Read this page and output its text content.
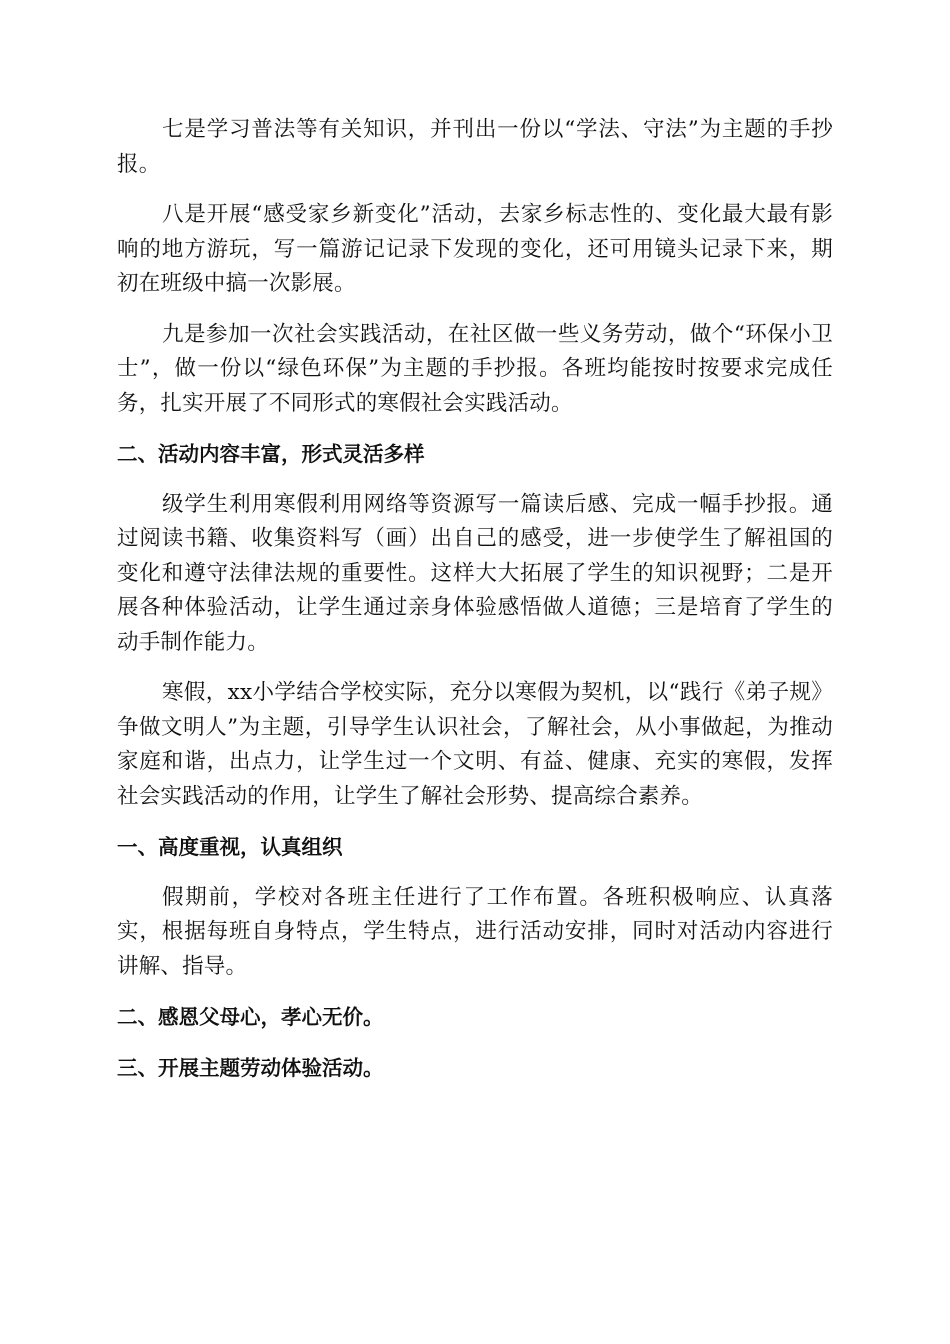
七是学习普法等有关知识，并刊出一份以“学法、守法”为主题的手抄报。

八是开展“感受家乡新变化”活动，去家乡标志性的、变化最大最有影响的地方游玩，写一篇游记记录下发现的变化，还可用镜头记录下来，期初在班级中搞一次影展。

九是参加一次社会实践活动，在社区做一些义务劳动，做个“环保小卫士”，做一份以“绿色环保”为主题的手抄报。各班均能按时按要求完成任务，扎实开展了不同形式的寒假社会实践活动。

二、活动内容丰富，形式灵活多样

级学生利用寒假利用网络等资源写一篇读后感、完成一幅手抄报。通过阅读书籍、收集资料写（画）出自己的感受，进一步使学生了解祖国的变化和遵守法律法规的重要性。这样大大拓展了学生的知识视野；二是开展各种体验活动，让学生通过亲身体验感悟做人道德；三是培育了学生的动手制作能力。

寒假，xx小学结合学校实际，充分以寒假为契机，以“践行《弟子规》争做文明人”为主题，引导学生认识社会，了解社会，从小事做起，为推动家庭和谐，出点力，让学生过一个文明、有益、健康、充实的寒假，发挥社会实践活动的作用，让学生了解社会形势、提高综合素养。

一、高度重视，认真组织

假期前，学校对各班主任进行了工作布置。各班积极响应、认真落实，根据每班自身特点，学生特点，进行活动安排，同时对活动内容进行讲解、指导。

二、感恩父母心，孝心无价。

三、开展主题劳动体验活动。
